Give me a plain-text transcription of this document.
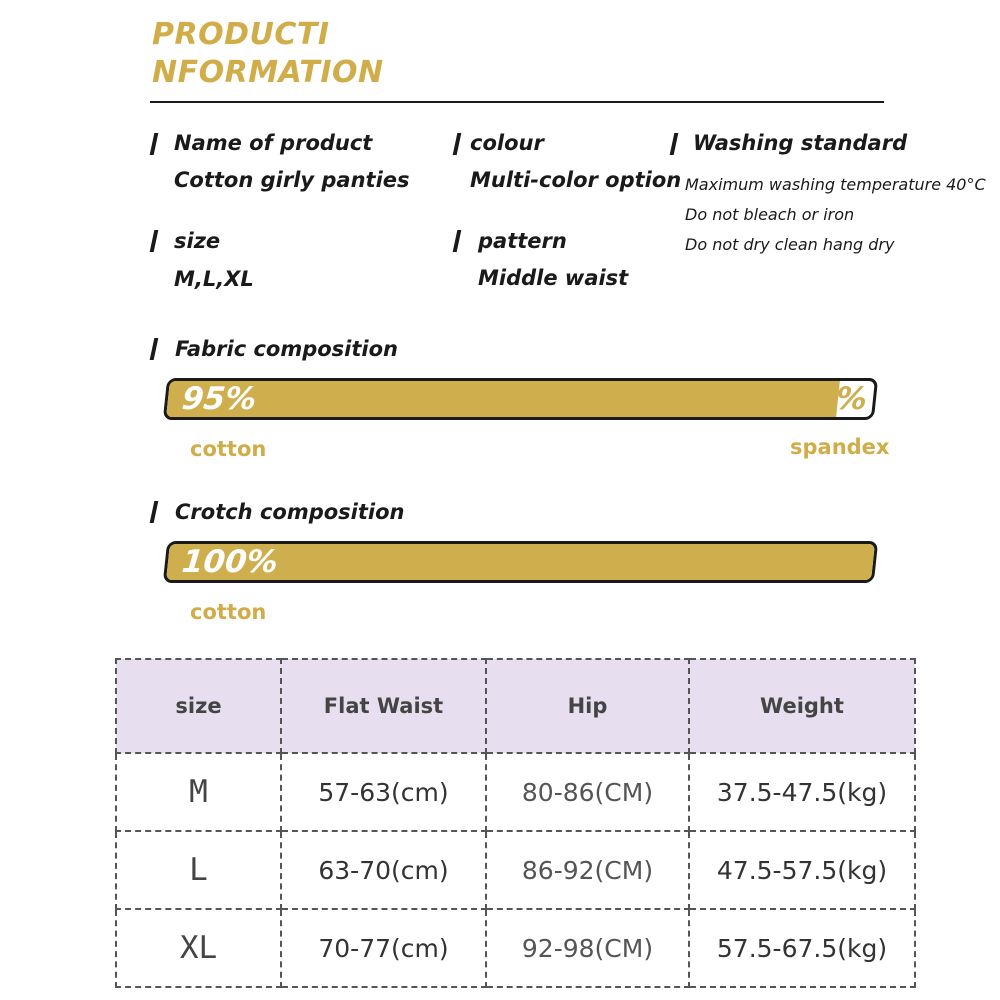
PRODUCTI
NFORMATION
Name of product
Cotton girly panties
colour
Multi-color option
Washing standard
Maximum washing temperature 40°C
Do not bleach or iron
Do not dry clean hang dry
size
M,L,XL
pattern
Middle waist
Fabric composition
95%	5%
cotton	spandex
Crotch composition
100%
cotton
size	Flat Waist	Hip	Weight
M	57-63(cm)	80-86(CM)	37.5-47.5(kg)
L	63-70(cm)	86-92(CM)	47.5-57.5(kg)
XL	70-77(cm)	92-98(CM)	57.5-67.5(kg)
